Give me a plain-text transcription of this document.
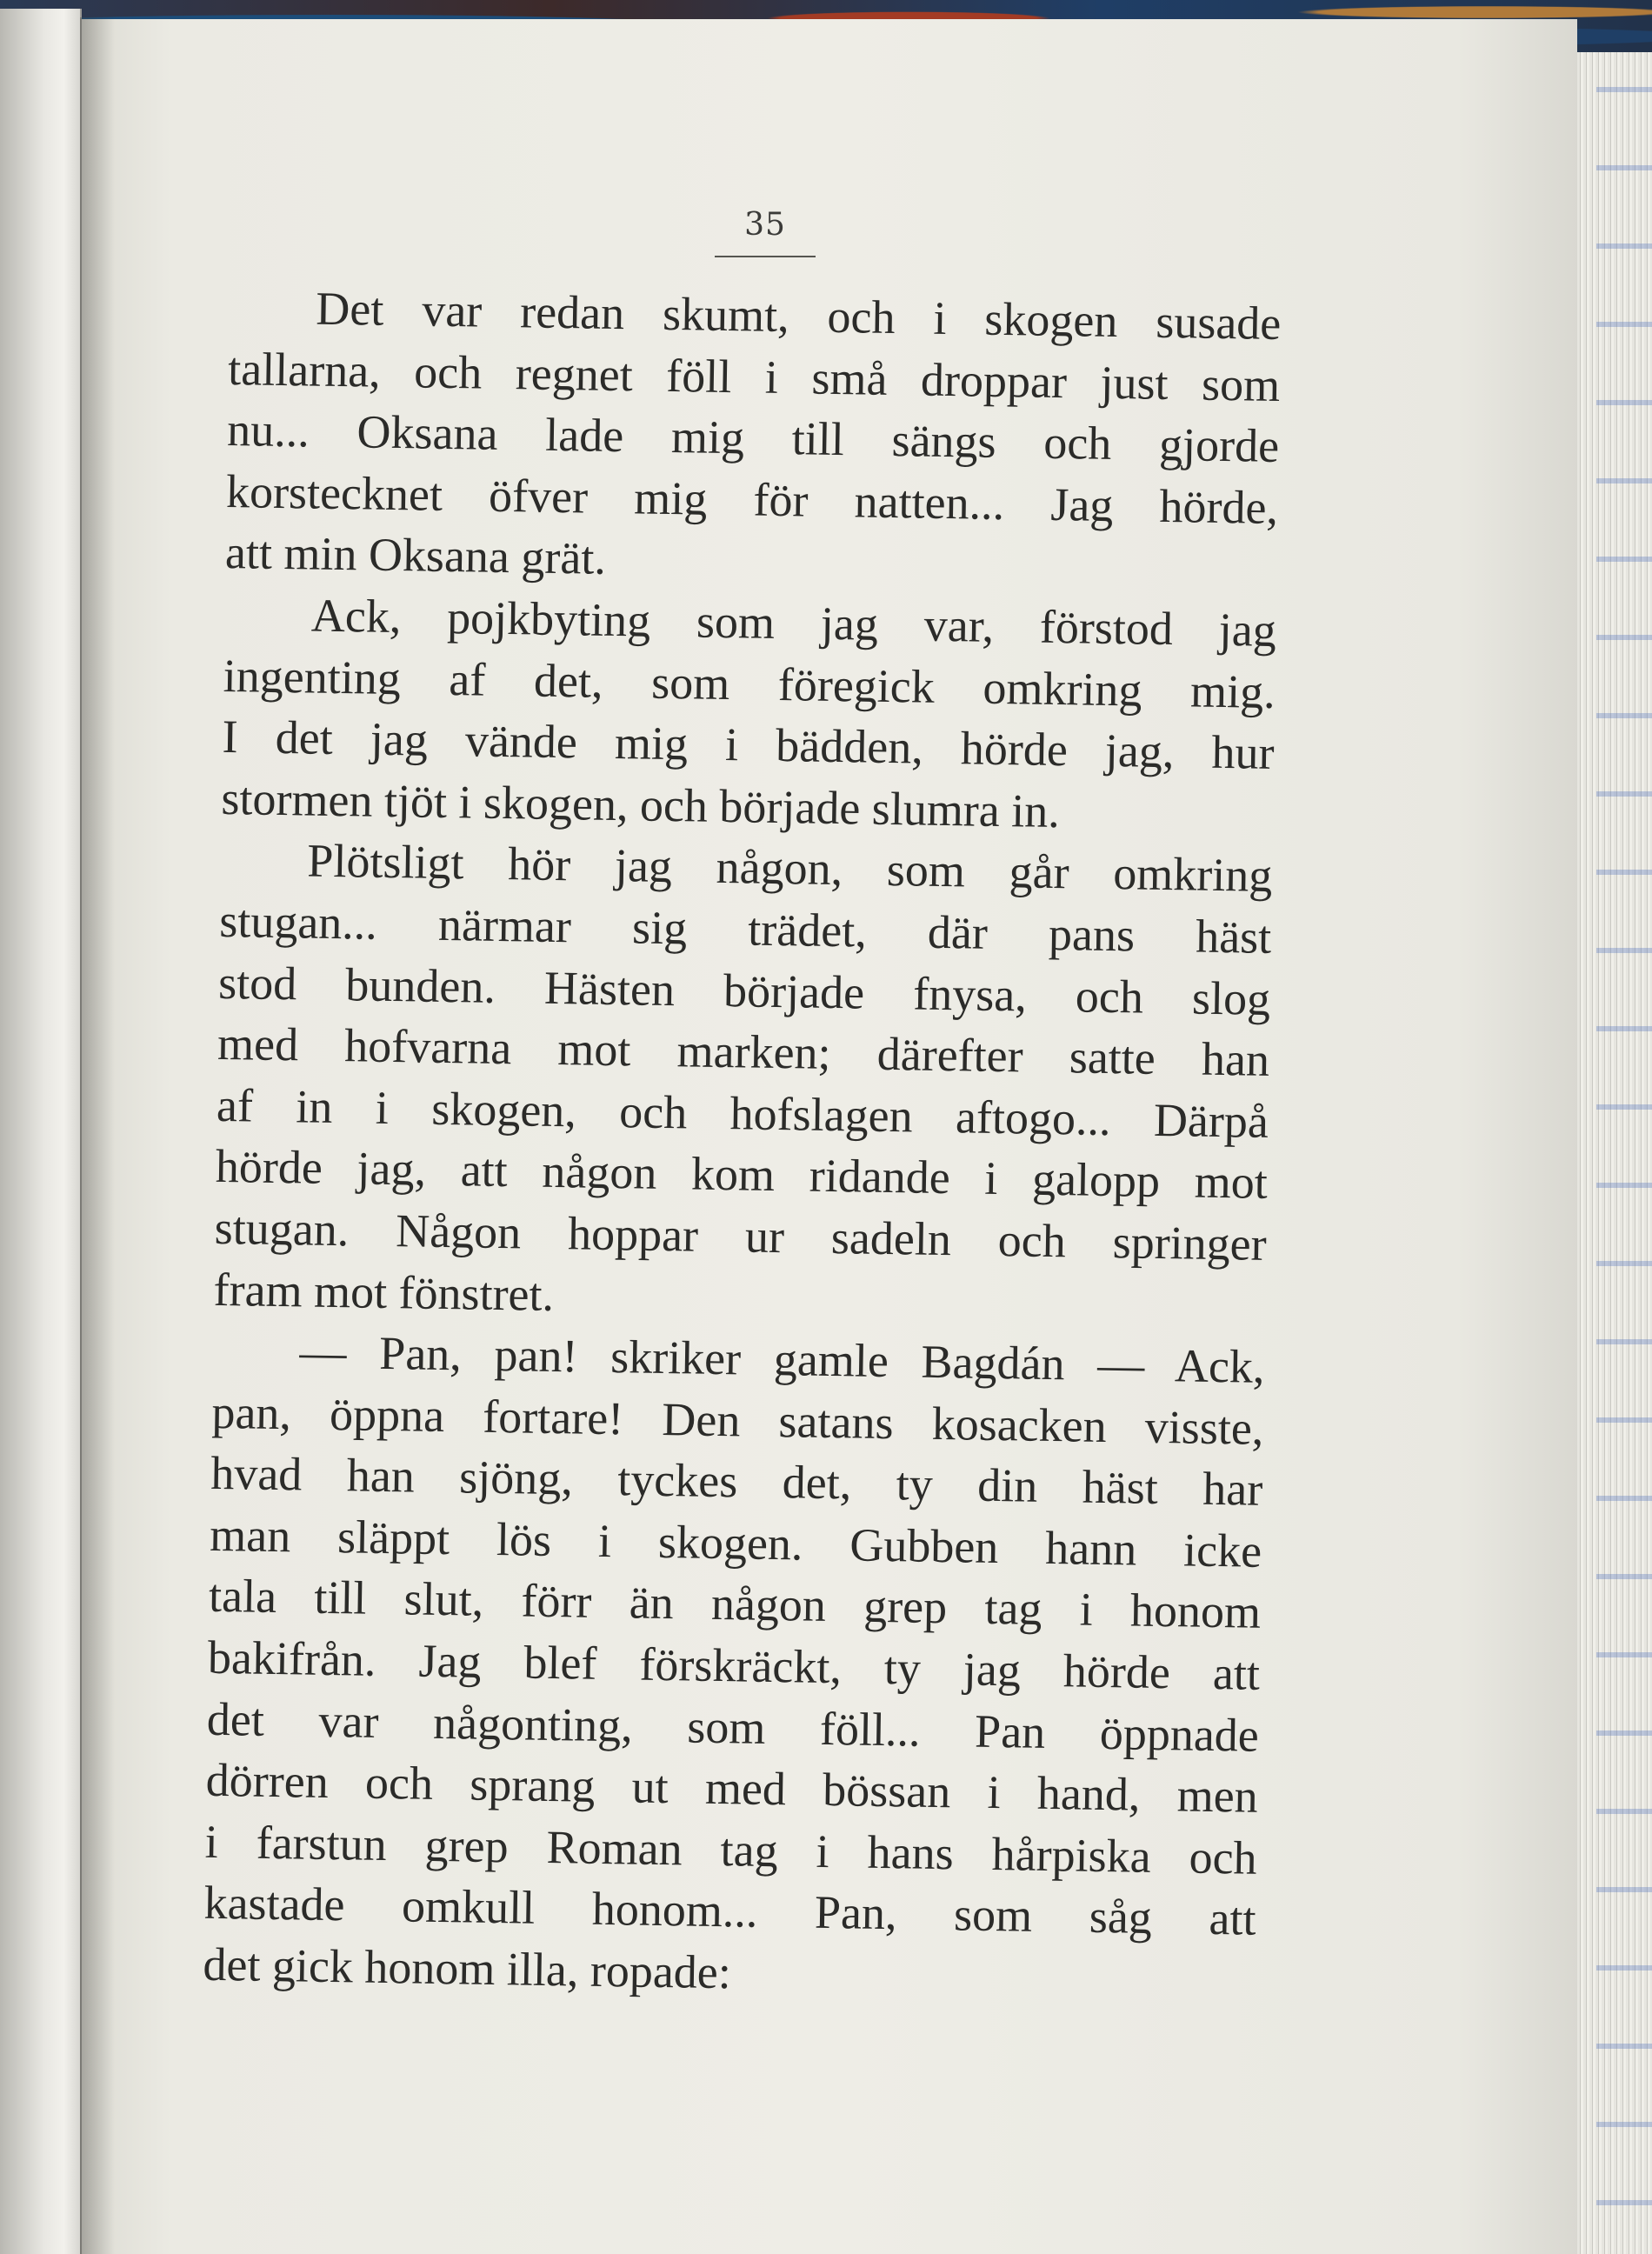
35
Det var redan skumt, och i skogen susade
tallarna, och regnet föll i små droppar just som
nu... Oksana lade mig till sängs och gjorde
korstecknet öfver mig för natten... Jag hörde,
att min Oksana grät.
Ack, pojkbyting som jag var, förstod jag
ingenting af det, som föregick omkring mig.
I det jag vände mig i bädden, hörde jag, hur
stormen tjöt i skogen, och började slumra in.
Plötsligt hör jag någon, som går omkring
stugan... närmar sig trädet, där pans häst
stod bunden. Hästen började fnysa, och slog
med hofvarna mot marken; därefter satte han
af in i skogen, och hofslagen aftogo... Därpå
hörde jag, att någon kom ridande i galopp mot
stugan. Någon hoppar ur sadeln och springer
fram mot fönstret.
— Pan, pan! skriker gamle Bagdán — Ack,
pan, öppna fortare! Den satans kosacken visste,
hvad han sjöng, tyckes det, ty din häst har
man släppt lös i skogen. Gubben hann icke
tala till slut, förr än någon grep tag i honom
bakifrån. Jag blef förskräckt, ty jag hörde att
det var någonting, som föll... Pan öppnade
dörren och sprang ut med bössan i hand, men
i farstun grep Roman tag i hans hårpiska och
kastade omkull honom... Pan, som såg att
det gick honom illa, ropade:
